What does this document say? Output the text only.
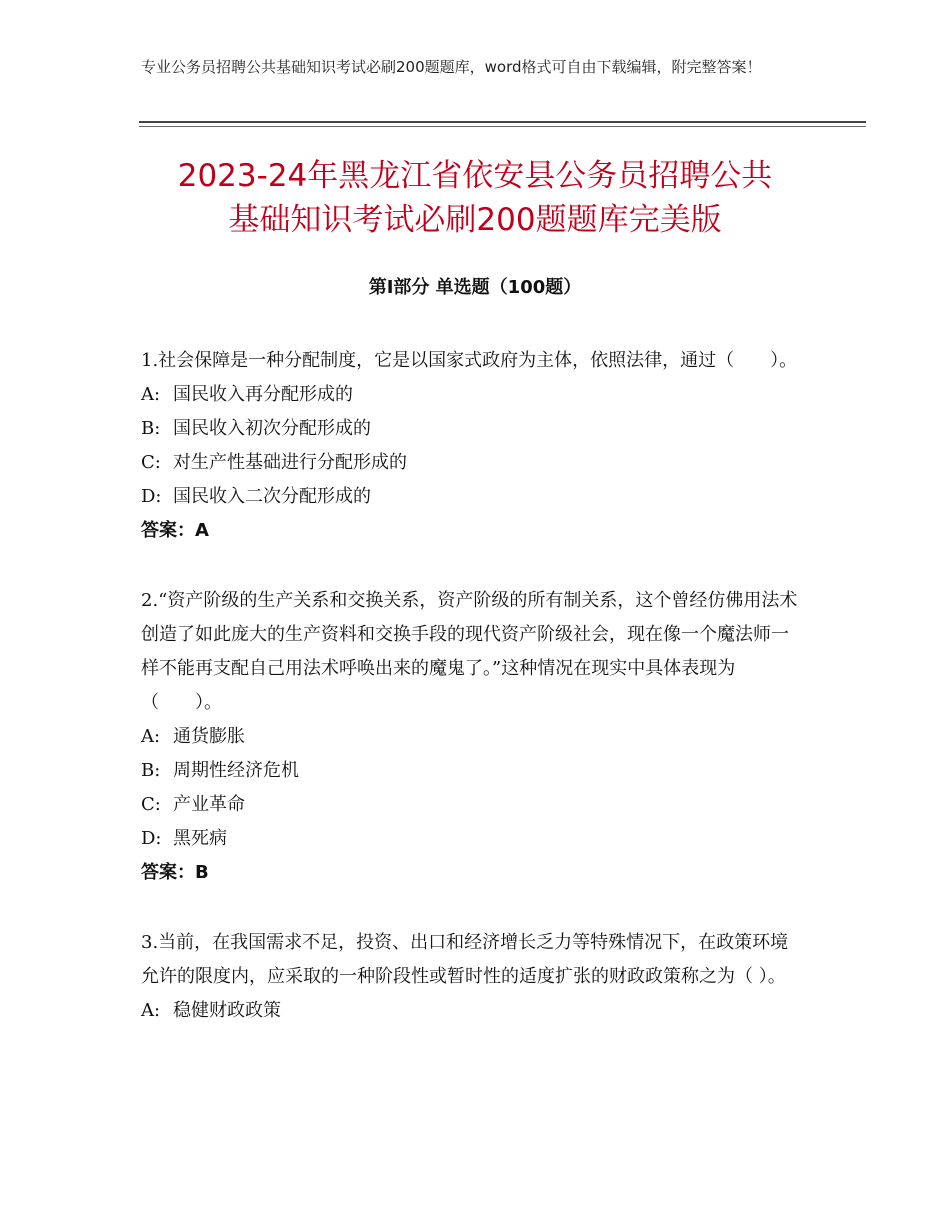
专业公务员招聘公共基础知识考试必刷200题题库，word格式可自由下载编辑，附完整答案！
2023-24年黑龙江省依安县公务员招聘公共
基础知识考试必刷200题题库完美版
第Ⅰ部分 单选题（100题）

1.社会保障是一种分配制度，它是以国家式政府为主体，依照法律，通过（　　）。

A: 国民收入再分配形成的

B: 国民收入初次分配形成的

C: 对生产性基础进行分配形成的

D: 国民收入二次分配形成的

答案：A

2.“资产阶级的生产关系和交换关系，资产阶级的所有制关系，这个曾经仿佛用法术创造了如此庞大的生产资料和交换手段的现代资产阶级社会，现在像一个魔法师一样不能再支配自己用法术呼唤出来的魔鬼了。”这种情况在现实中具体表现为（　　）。

A: 通货膨胀

B: 周期性经济危机

C: 产业革命

D: 黑死病

答案：B

3.当前，在我国需求不足，投资、出口和经济增长乏力等特殊情况下，在政策环境允许的限度内，应采取的一种阶段性或暂时性的适度扩张的财政政策称之为（ ）。

A: 稳健财政政策
